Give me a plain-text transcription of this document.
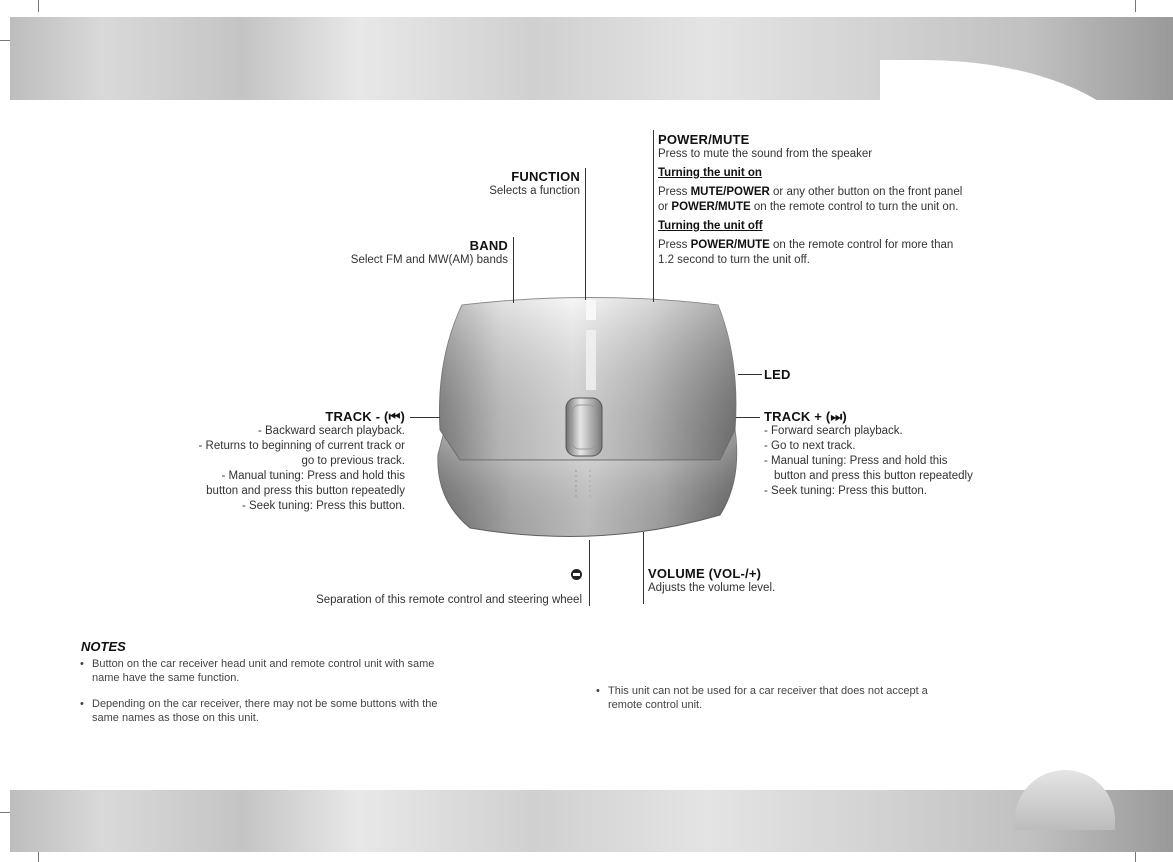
FUNCTION
Selects a function
BAND
Select FM and MW(AM) bands
POWER/MUTE
Press to mute the sound from the speaker
Turning the unit on
Press MUTE/POWER or any other button on the front panel
or POWER/MUTE on the remote control to turn the unit on.
Turning the unit off
Press POWER/MUTE on the remote control for more than
1.2 second to turn the unit off.
LED
TRACK - (⏮)
- Backward search playback.
- Returns to beginning of current track or
go to previous track.
- Manual tuning: Press and hold this
button and press this button repeatedly
- Seek tuning: Press this button.
TRACK + (⏭)
- Forward search playback.
- Go to next track.
- Manual tuning: Press and hold this
button and press this button repeatedly
- Seek tuning: Press this button.
Separation of this remote control and steering wheel
VOLUME (VOL-/+)
Adjusts the volume level.
NOTES
• Button on the car receiver head unit and remote control unit with same
name have the same function.
• Depending on the car receiver, there may not be some buttons with the
same names as those on this unit.
• This unit can not be used for a car receiver that does not accept a
remote control unit.
